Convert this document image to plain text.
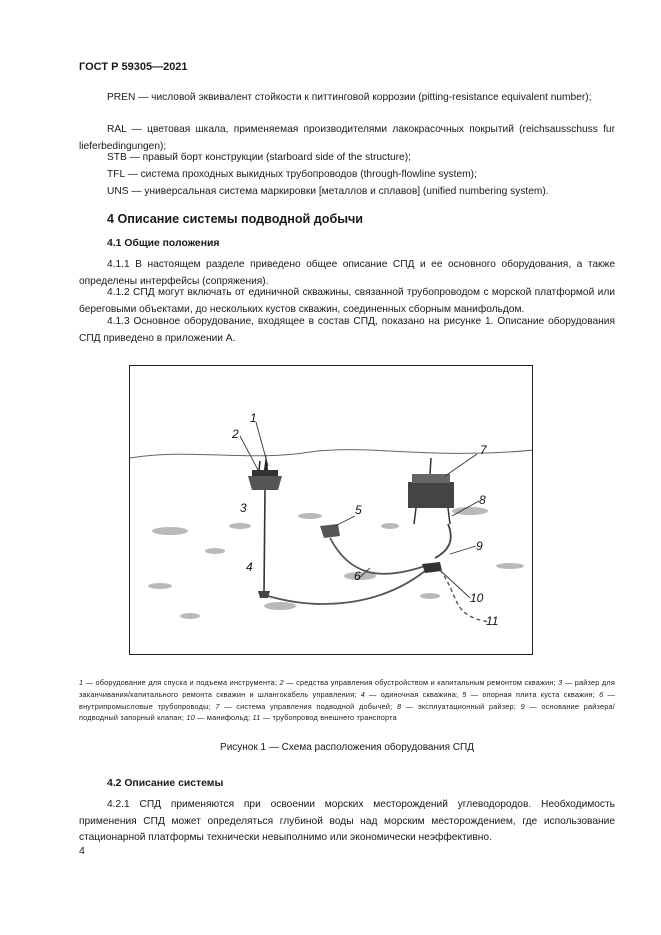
ГОСТ Р 59305—2021
PREN — числовой эквивалент стойкости к питтинговой коррозии (pitting-resistance equivalent number);
RAL — цветовая шкала, применяемая производителями лакокрасочных покрытий (reichsausschuss fur lieferbedingungen);
STB — правый борт конструкции (starboard side of the structure);
TFL — система проходных выкидных трубопроводов (through-flowline system);
UNS — универсальная система маркировки [металлов и сплавов] (unified numbering system).
4 Описание системы подводной добычи
4.1 Общие положения
4.1.1 В настоящем разделе приведено общее описание СПД и ее основного оборудования, а также определены интерфейсы (сопряжения).
4.1.2 СПД могут включать от единичной скважины, связанной трубопроводом с морской платформой или береговыми объектами, до нескольких кустов скважин, соединенных сборным манифольдом.
4.1.3 Основное оборудование, входящее в состав СПД, показано на рисунке 1. Описание оборудования СПД приведено в приложении А.
1
2
3
4
5
6
7
8
9
10
11
1 — оборудование для спуска и подъема инструмента; 2 — средства управления обустройством и капитальным ремонтом скважин; 3 — райзер для заканчивания/капитального ремонта скважин и шлангокабель управления; 4 — одиночная скважина; 5 — опорная плита куста скважин; 6 — внутрипромысловые трубопроводы; 7 — система управления подводной добычей; 8 — эксплуатационный райзер; 9 — основание райзера/подводный запорный клапан; 10 — манифольд; 11 — трубопровод внешнего транспорта
Рисунок 1 — Схема расположения оборудования СПД
4.2 Описание системы
4.2.1 СПД применяются при освоении морских месторождений углеводородов. Необходимость применения СПД может определяться глубиной воды над морским месторождением, где использование стационарной платформы технически невыполнимо или экономически неэффективно.
4
